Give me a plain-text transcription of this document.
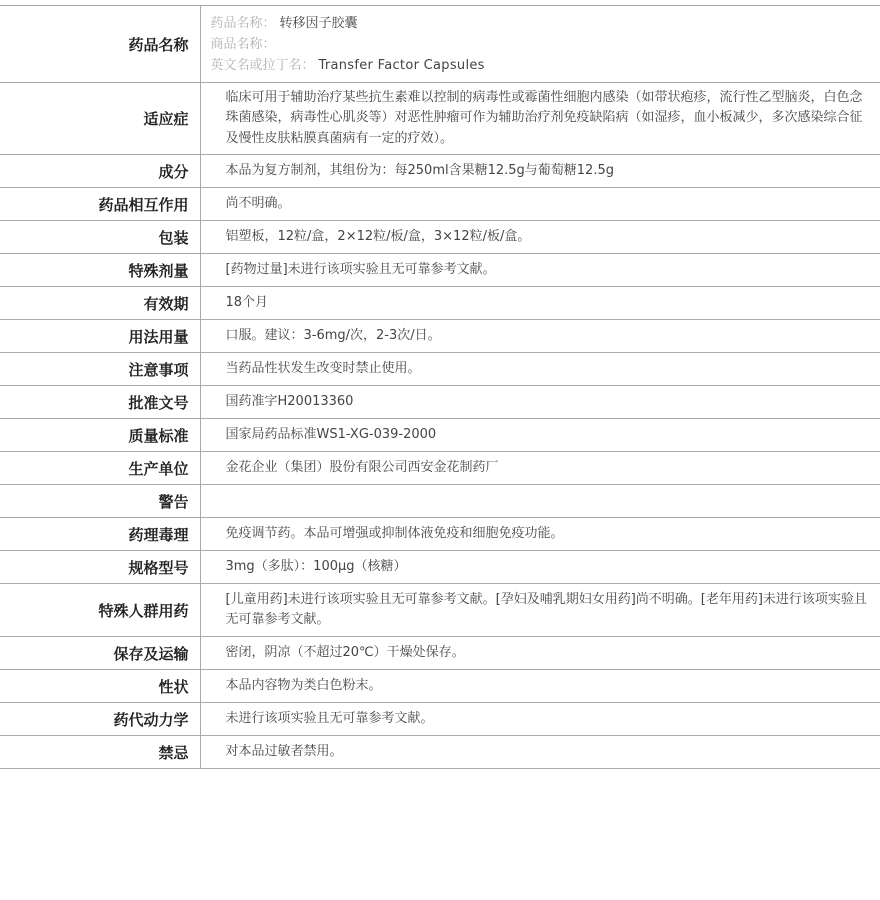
药品名称	药品名称： 转移因子胶囊
商品名称：
英文名或拉丁名： Transfer Factor Capsules

适应症	临床可用于辅助治疗某些抗生素难以控制的病毒性或霉菌性细胞内感染（如带状疱疹，流行性乙型脑炎，白色念珠菌感染，病毒性心肌炎等）对恶性肿瘤可作为辅助治疗剂免疫缺陷病（如湿疹，血小板减少，多次感染综合征及慢性皮肤粘膜真菌病有一定的疗效）。
成分	本品为复方制剂，其组份为：每250ml含果糖12.5g与葡萄糖12.5g
药品相互作用	尚不明确。
包装	铝塑板，12粒/盒，2×12粒/板/盒，3×12粒/板/盒。
特殊剂量	[药物过量]未进行该项实验且无可靠参考文献。
有效期	18个月
用法用量	口服。建议：3-6mg/次，2-3次/日。
注意事项	当药品性状发生改变时禁止使用。
批准文号	国药准字H20013360
质量标准	国家局药品标准WS1-XG-039-2000
生产单位	金花企业（集团）股份有限公司西安金花制药厂
警告	
药理毒理	免疫调节药。本品可增强或抑制体液免疫和细胞免疫功能。
规格型号	3mg（多肽）：100μg（核糖）
特殊人群用药	[儿童用药]未进行该项实验且无可靠参考文献。[孕妇及哺乳期妇女用药]尚不明确。[老年用药]未进行该项实验且无可靠参考文献。
保存及运输	密闭，阴凉（不超过20℃）干燥处保存。
性状	本品内容物为类白色粉末。
药代动力学	未进行该项实验且无可靠参考文献。
禁忌	对本品过敏者禁用。
